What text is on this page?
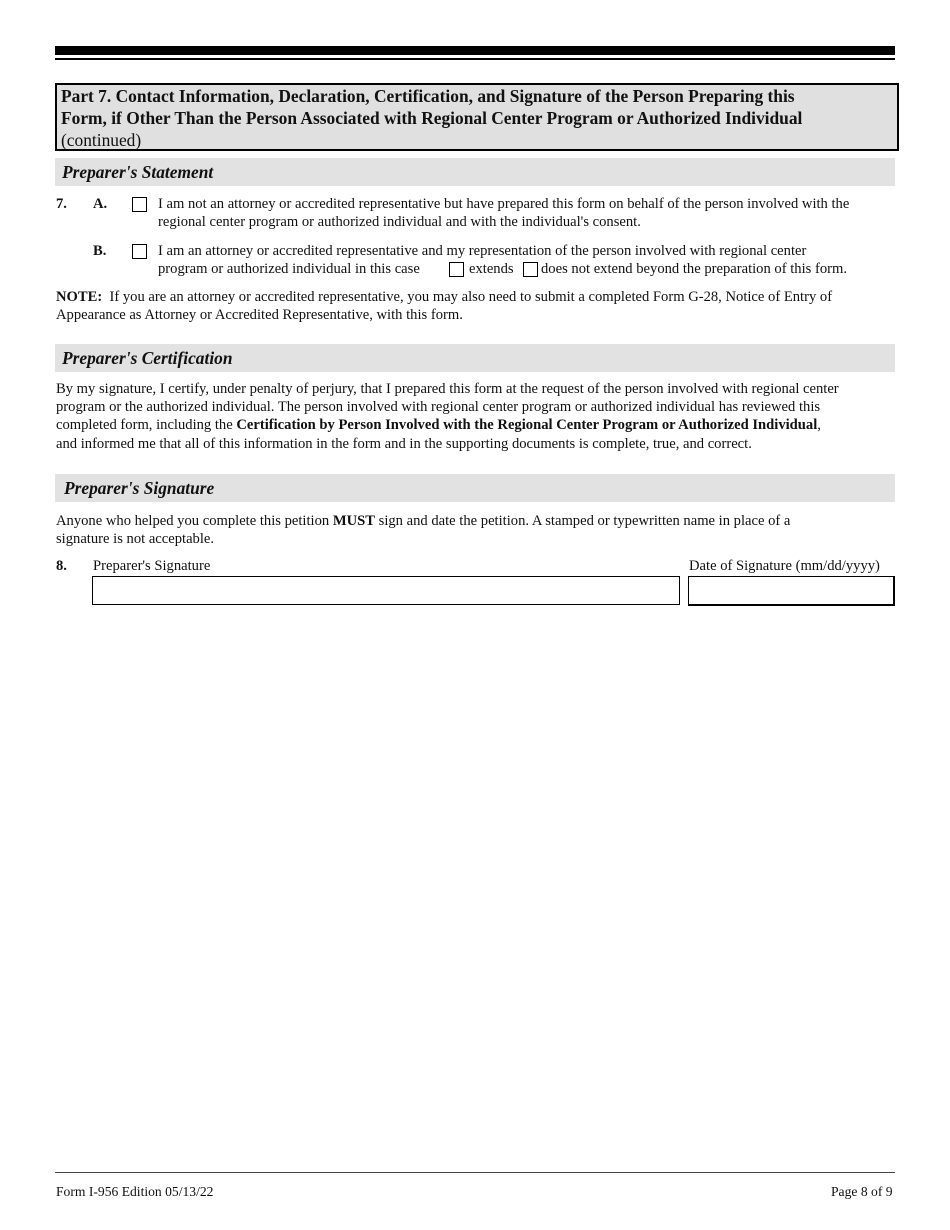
Part 7. Contact Information, Declaration, Certification, and Signature of the Person Preparing this
Form, if Other Than the Person Associated with Regional Center Program or Authorized Individual
(continued)
Preparer's Statement
7. A.	I am not an attorney or accredited representative but have prepared this form on behalf of the person involved with the
regional center program or authorized individual and with the individual's consent.
B.	I am an attorney or accredited representative and my representation of the person involved with regional center
program or authorized individual in this case	extends does not extend beyond the preparation of this form.
NOTE: If you are an attorney or accredited representative, you may also need to submit a completed Form G-28, Notice of Entry of
Appearance as Attorney or Accredited Representative, with this form.
Preparer's Certification
By my signature, I certify, under penalty of perjury, that I prepared this form at the request of the person involved with regional center
program or the authorized individual. The person involved with regional center program or authorized individual has reviewed this
completed form, including the Certification by Person Involved with the Regional Center Program or Authorized Individual,
and informed me that all of this information in the form and in the supporting documents is complete, true, and correct.
Preparer's Signature
Anyone who helped you complete this petition MUST sign and date the petition. A stamped or typewritten name in place of a
signature is not acceptable.
8. Preparer's Signature	Date of Signature (mm/dd/yyyy)
Form I-956 Edition 05/13/22	Page 8 of 9
